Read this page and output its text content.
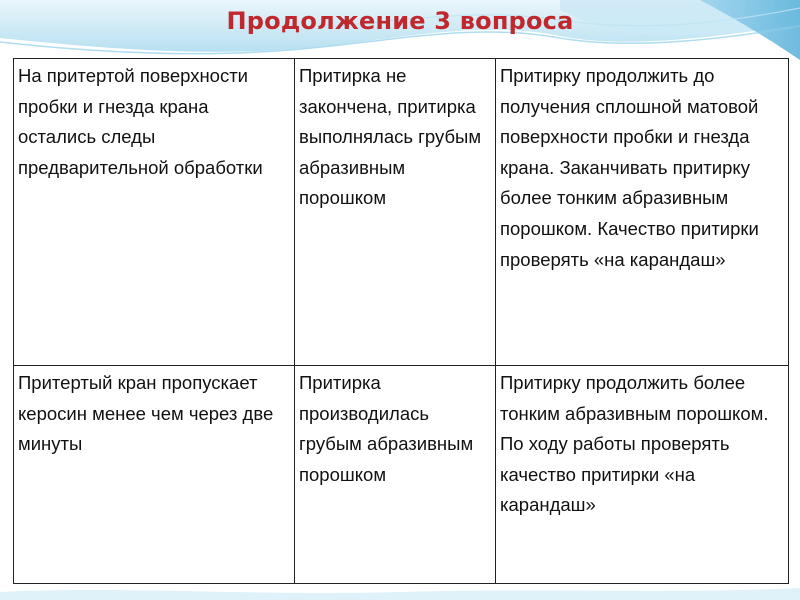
Продолжение 3 вопроса
На притертой поверхности пробки и гнезда крана остались следы предварительной обработки	Притирка не закончена, притирка выполнялась грубым абразивным порошком	Притирку продолжить до получения сплошной матовой поверхности пробки и гнезда крана. Заканчивать притирку более тонким абразивным порошком. Качество притирки проверять «на карандаш»
Притертый кран пропускает керосин менее чем через две минуты	Притирка производилась грубым абразивным порошком	Притирку продолжить более тонким абразивным порошком. По ходу работы проверять качество притирки «на карандаш»
